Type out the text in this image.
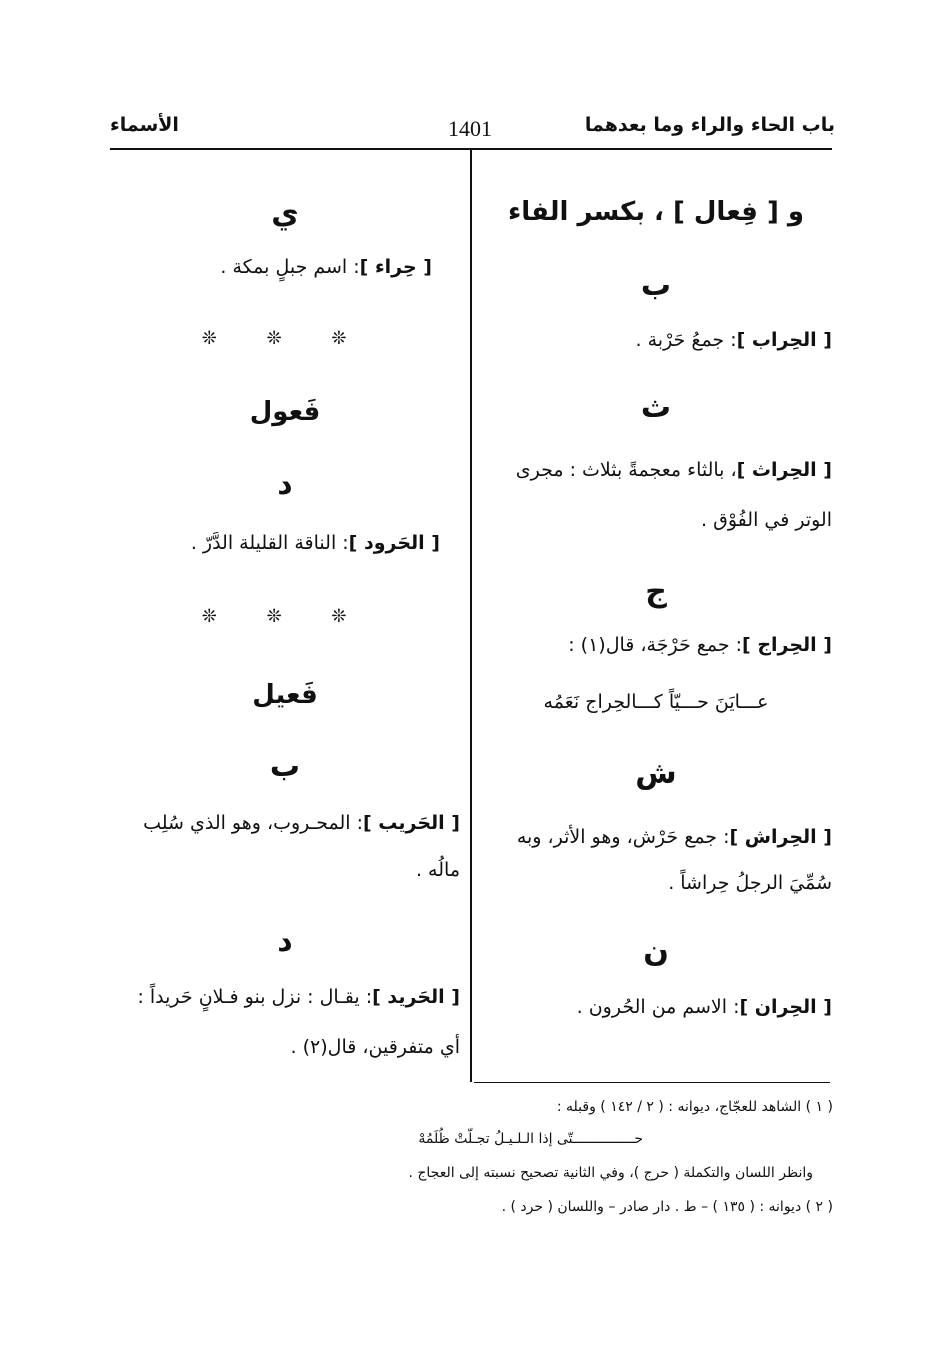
باب الحاء والراء وما بعدهما
1401
الأسماء
و [ فِعال ] ، بكسر الفاء
ب
[ الحِراب ]: جمعُ حَرْبة .
ث
[ الحِراث ]، بالثاء معجمةً بثلاث : مجرى
الوتر في الفُوْق .
ج
[ الحِراج ]: جمع حَرْجَة، قال(١) :
عـــايَنَ حـــيّاً كـــالحِراج نَعَمُه
ش
[ الحِراش ]: جمع حَرْش، وهو الأثر، وبه
سُمِّيَ الرجلُ حِراشاً .
ن
[ الحِران ]: الاسم من الحُرون .
ي
[ حِراء ]: اسم جبلٍ بمكة .
❊ ❊ ❊
فَعول
د
[ الحَرود ]: الناقة القليلة الدَّرّ .
❊ ❊ ❊
فَعيل
ب
[ الحَريب ]: المحـروب، وهو الذي سُلِب
مالُه .
د
[ الحَريد ]: يقـال : نزل بنو فـلانٍ حَريداً :
أي متفرقين، قال(٢) .
( ١ ) الشاهد للعجّاج، ديوانه : ( ٢ / ١٤٢ ) وقبله :
حـــــــــــــــتّى إذا الـلـيـلُ تجـلّتْ ظُلَمُهْ
وانظر اللسان والتكملة ( حرج )، وفي الثانية تصحيح نسبته إلى العجاج .
( ٢ ) ديوانه : ( ١٣٥ ) – ط . دار صادر – واللسان ( حرد ) .
